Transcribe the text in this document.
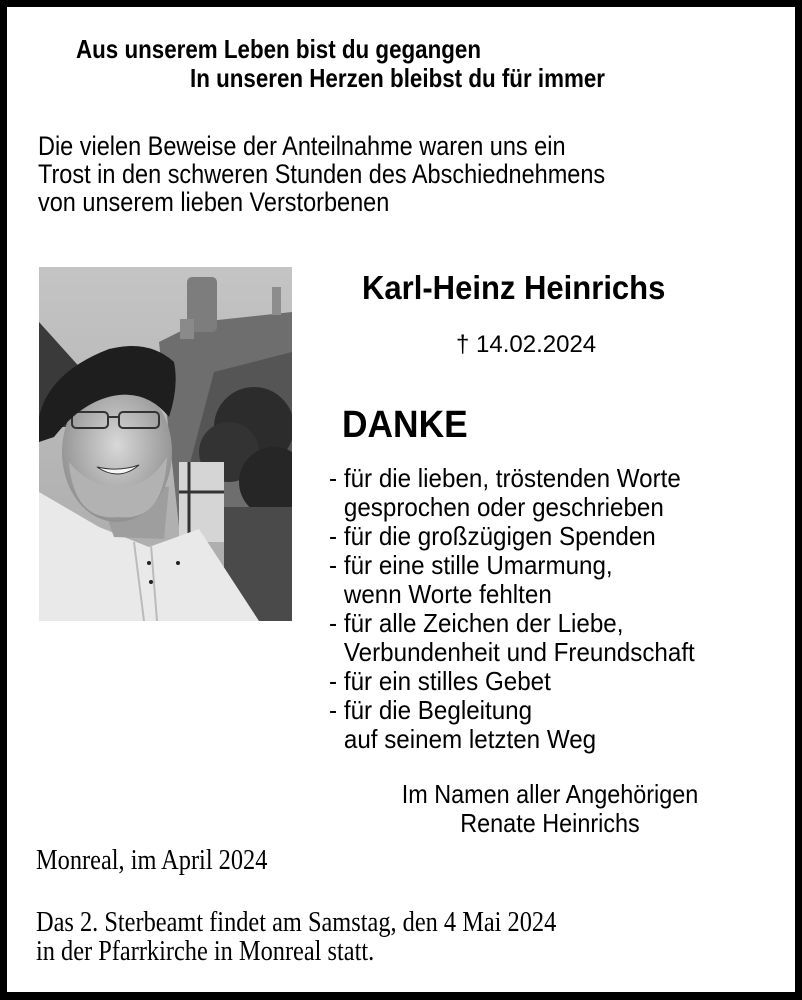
Aus unserem Leben bist du gegangen
In unseren Herzen bleibst du für immer
Die vielen Beweise der Anteilnahme waren uns ein
Trost in den schweren Stunden des Abschiednehmens
von unserem lieben Verstorbenen
Karl-Heinz Heinrichs
† 14.02.2024
DANKE
- für die lieben, tröstenden Worte
gesprochen oder geschrieben
- für die großzügigen Spenden
- für eine stille Umarmung,
wenn Worte fehlten
- für alle Zeichen der Liebe,
Verbundenheit und Freundschaft
- für ein stilles Gebet
- für die Begleitung
auf seinem letzten Weg
Im Namen aller Angehörigen
Renate Heinrichs
Monreal, im April 2024
Das 2. Sterbeamt findet am Samstag, den 4 Mai 2024
in der Pfarrkirche in Monreal statt.
